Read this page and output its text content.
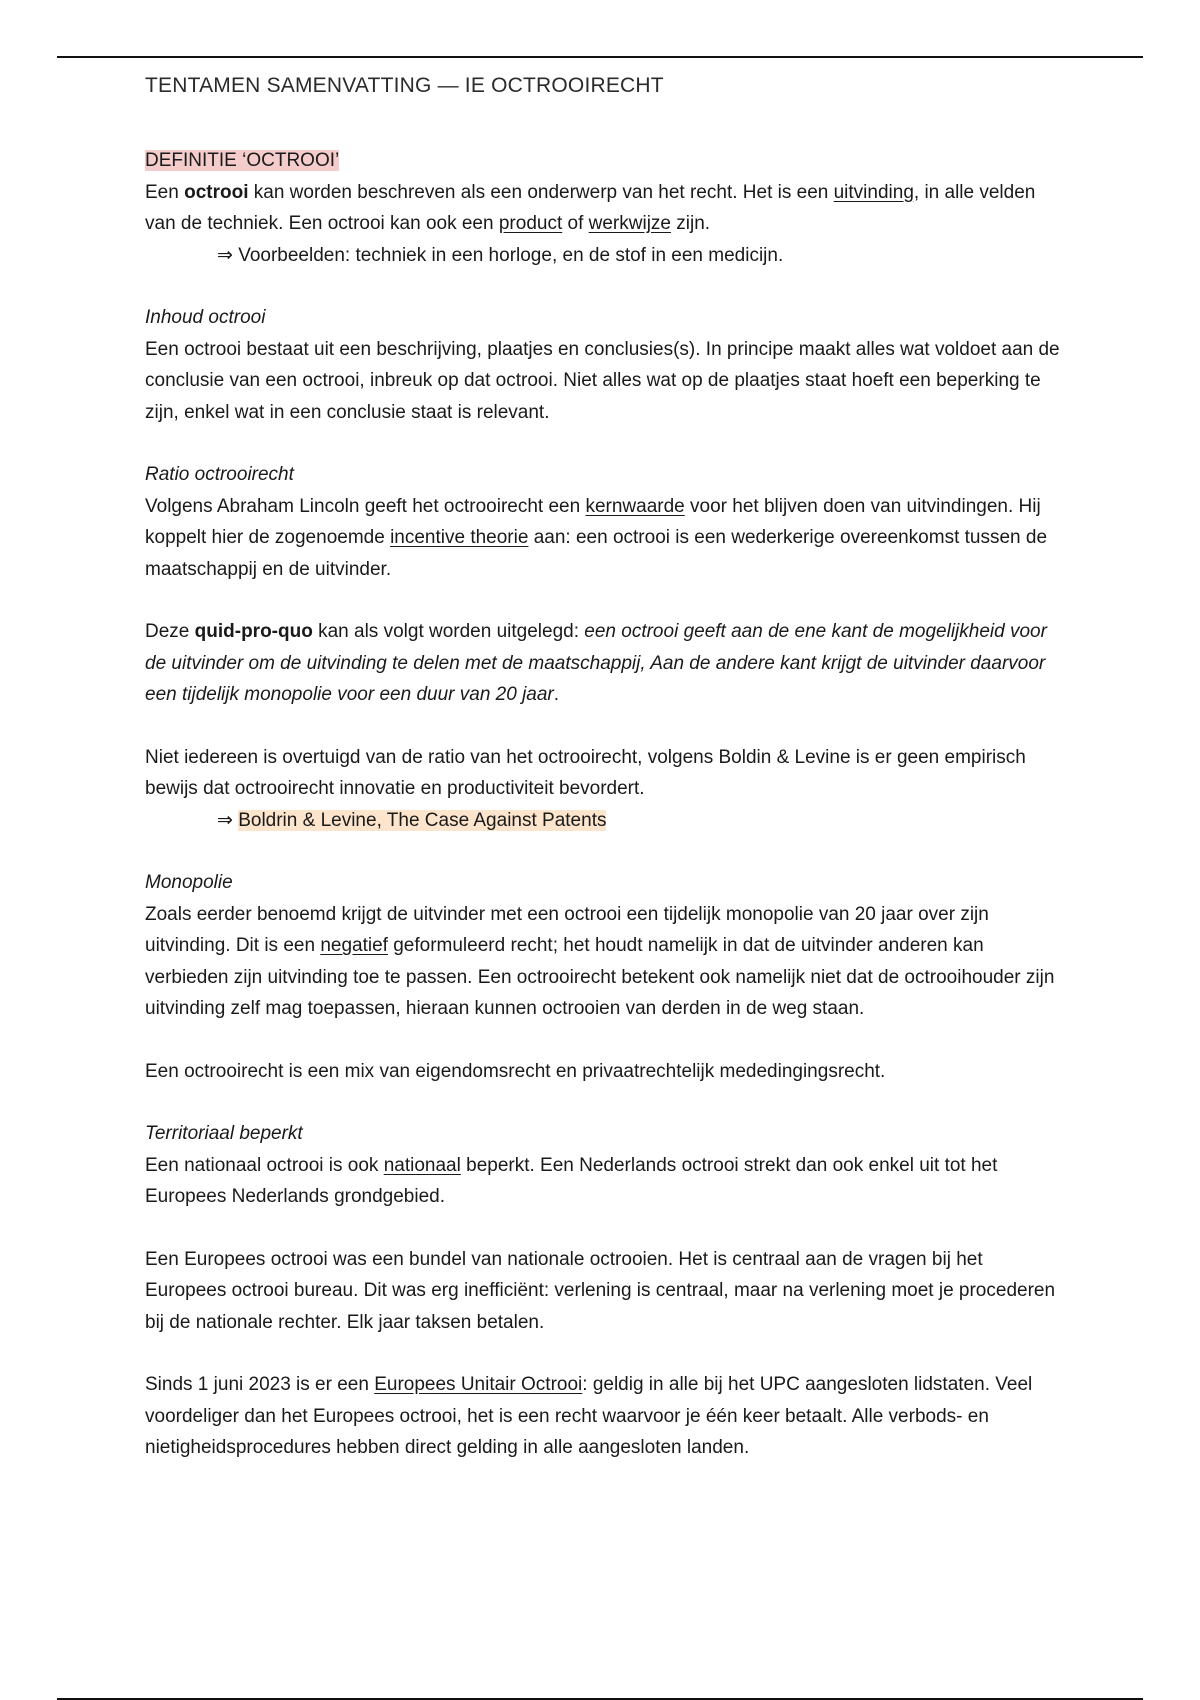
TENTAMEN SAMENVATTING — IE OCTROOIRECHT

DEFINITIE ‘OCTROOI’

Een octrooi kan worden beschreven als een onderwerp van het recht. Het is een uitvinding, in alle velden van de techniek. Een octrooi kan ook een product of werkwijze zijn.

⇒ Voorbeelden: techniek in een horloge, en de stof in een medicijn.

Inhoud octrooi

Een octrooi bestaat uit een beschrijving, plaatjes en conclusies(s). In principe maakt alles wat voldoet aan de conclusie van een octrooi, inbreuk op dat octrooi. Niet alles wat op de plaatjes staat hoeft een beperking te zijn, enkel wat in een conclusie staat is relevant.

Ratio octrooirecht

Volgens Abraham Lincoln geeft het octrooirecht een kernwaarde voor het blijven doen van uitvindingen. Hij koppelt hier de zogenoemde incentive theorie aan: een octrooi is een wederkerige overeenkomst tussen de maatschappij en de uitvinder.

Deze quid-pro-quo kan als volgt worden uitgelegd: een octrooi geeft aan de ene kant de mogelijkheid voor de uitvinder om de uitvinding te delen met de maatschappij, Aan de andere kant krijgt de uitvinder daarvoor een tijdelijk monopolie voor een duur van 20 jaar.

Niet iedereen is overtuigd van de ratio van het octrooirecht, volgens Boldin & Levine is er geen empirisch bewijs dat octrooirecht innovatie en productiviteit bevordert.

⇒ Boldrin & Levine, The Case Against Patents

Monopolie

Zoals eerder benoemd krijgt de uitvinder met een octrooi een tijdelijk monopolie van 20 jaar over zijn uitvinding. Dit is een negatief geformuleerd recht; het houdt namelijk in dat de uitvinder anderen kan verbieden zijn uitvinding toe te passen. Een octrooirecht betekent ook namelijk niet dat de octrooihouder zijn uitvinding zelf mag toepassen, hieraan kunnen octrooien van derden in de weg staan.

Een octrooirecht is een mix van eigendomsrecht en privaatrechtelijk mededingingsrecht.

Territoriaal beperkt

Een nationaal octrooi is ook nationaal beperkt. Een Nederlands octrooi strekt dan ook enkel uit tot het Europees Nederlands grondgebied.

Een Europees octrooi was een bundel van nationale octrooien. Het is centraal aan de vragen bij het Europees octrooi bureau. Dit was erg inefficiënt: verlening is centraal, maar na verlening moet je procederen bij de nationale rechter. Elk jaar taksen betalen.

Sinds 1 juni 2023 is er een Europees Unitair Octrooi: geldig in alle bij het UPC aangesloten lidstaten. Veel voordeliger dan het Europees octrooi, het is een recht waarvoor je één keer betaalt. Alle verbods- en nietigheidsprocedures hebben direct gelding in alle aangesloten landen.
